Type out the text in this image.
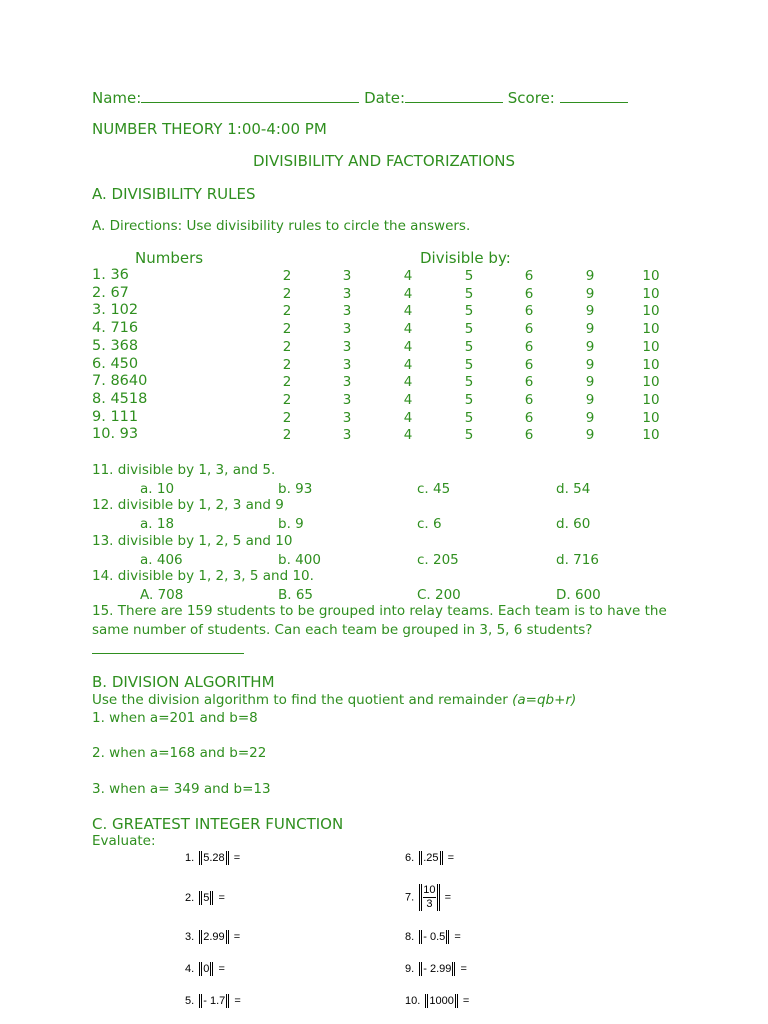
Name:	Date:	Score:
NUMBER THEORY 1:00-4:00 PM
DIVISIBILITY AND FACTORIZATIONS
A. DIVISIBILITY RULES
A. Directions: Use divisibility rules to circle the answers.
Numbers	Divisible by:
1. 36	2	3	4	5	6	9	10
2. 67	2	3	4	5	6	9	10
3. 102	2	3	4	5	6	9	10
4. 716	2	3	4	5	6	9	10
5. 368	2	3	4	5	6	9	10
6. 450	2	3	4	5	6	9	10
7. 8640	2	3	4	5	6	9	10
8. 4518	2	3	4	5	6	9	10
9. 111	2	3	4	5	6	9	10
10. 93	2	3	4	5	6	9	10
11. divisible by 1, 3, and 5.
a. 10	b. 93	c. 45	d. 54
12. divisible by 1, 2, 3 and 9
a. 18	b. 9	c. 6	d. 60
13. divisible by 1, 2, 5 and 10
a. 406	b. 400	c. 205	d. 716
14. divisible by 1, 2, 3, 5 and 10.
A. 708	B. 65	C. 200	D. 600
15. There are 159 students to be grouped into relay teams. Each team is to have the
same number of students. Can each team be grouped in 3, 5, 6 students?
B. DIVISION ALGORITHM
Use the division algorithm to find the quotient and remainder (a=qb+r)
1. when a=201 and b=8
2. when a=168 and b=22
3. when a= 349 and b=13
C. GREATEST INTEGER FUNCTION
Evaluate:
1. 5.28 =
2. 5 =
3. 2.99 =
4. 0 =
5. - 1.7 =
6. .25 =
7. $\frac{10}{3}$ =
8. - 0.5 =
9. - 2.99 =
10. 1000 =
